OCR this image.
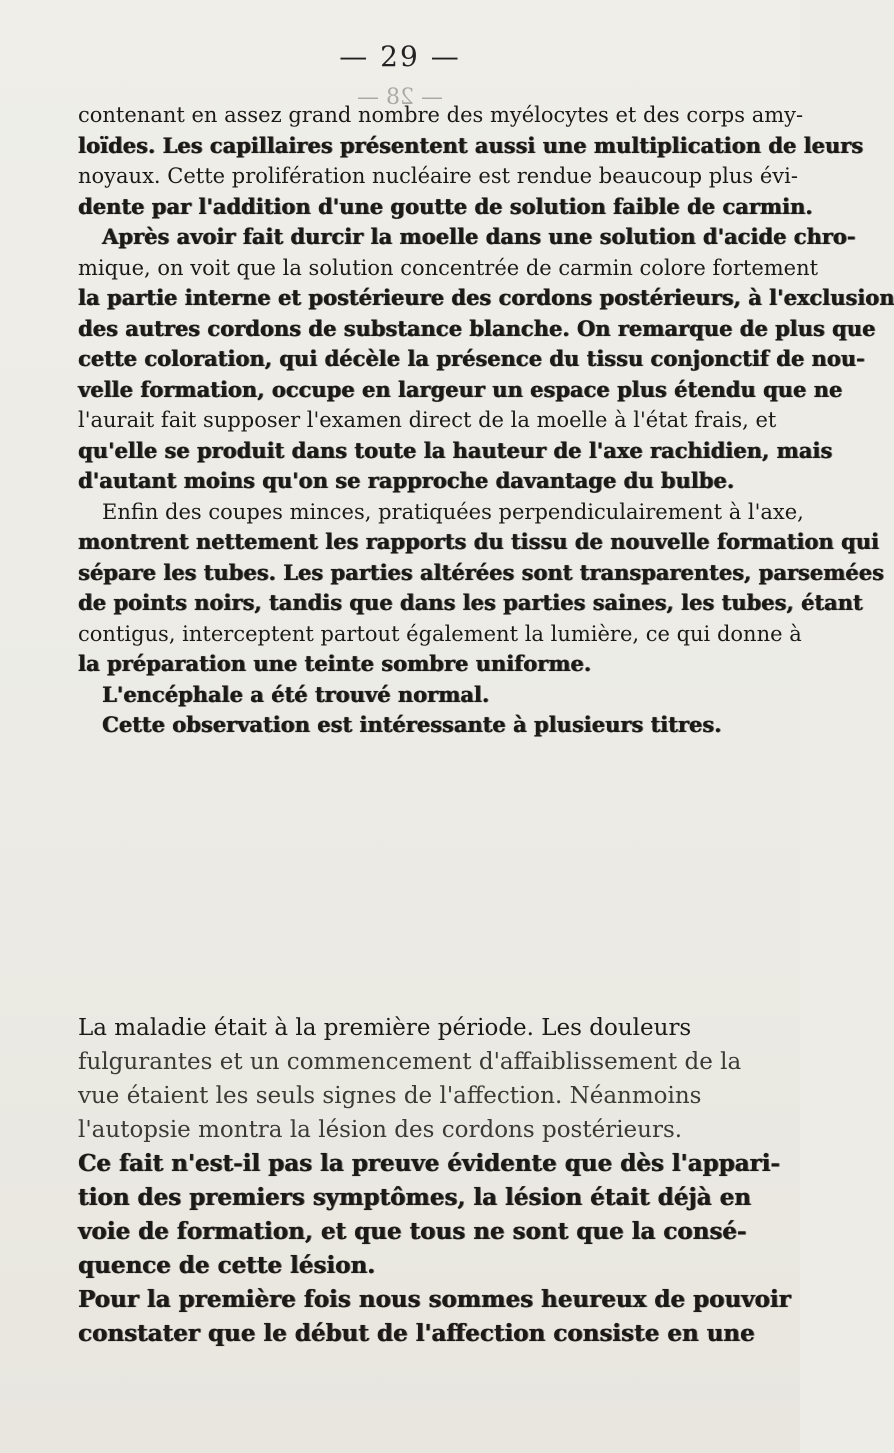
— 29 —
— 28 —

contenant en assez grand nombre des myélocytes et des corps amy-

loïdes. Les capillaires présentent aussi une multiplication de leurs

noyaux. Cette prolifération nucléaire est rendue beaucoup plus évi-

dente par l'addition d'une goutte de solution faible de carmin.

Après avoir fait durcir la moelle dans une solution d'acide chro-

mique, on voit que la solution concentrée de carmin colore fortement

la partie interne et postérieure des cordons postérieurs, à l'exclusion

des autres cordons de substance blanche. On remarque de plus que

cette coloration, qui décèle la présence du tissu conjonctif de nou-

velle formation, occupe en largeur un espace plus étendu que ne

l'aurait fait supposer l'examen direct de la moelle à l'état frais, et

qu'elle se produit dans toute la hauteur de l'axe rachidien, mais

d'autant moins qu'on se rapproche davantage du bulbe.

Enfin des coupes minces, pratiquées perpendiculairement à l'axe,

montrent nettement les rapports du tissu de nouvelle formation qui

sépare les tubes. Les parties altérées sont transparentes, parsemées

de points noirs, tandis que dans les parties saines, les tubes, étant

contigus, interceptent partout également la lumière, ce qui donne à

la préparation une teinte sombre uniforme.

L'encéphale a été trouvé normal.

Cette observation est intéressante à plusieurs titres.

La maladie était à la première période. Les douleurs

fulgurantes et un commencement d'affaiblissement de la

vue étaient les seuls signes de l'affection. Néanmoins

l'autopsie montra la lésion des cordons postérieurs.

Ce fait n'est-il pas la preuve évidente que dès l'appari-

tion des premiers symptômes, la lésion était déjà en

voie de formation, et que tous ne sont que la consé-

quence de cette lésion.

Pour la première fois nous sommes heureux de pouvoir

constater que le début de l'affection consiste en une
